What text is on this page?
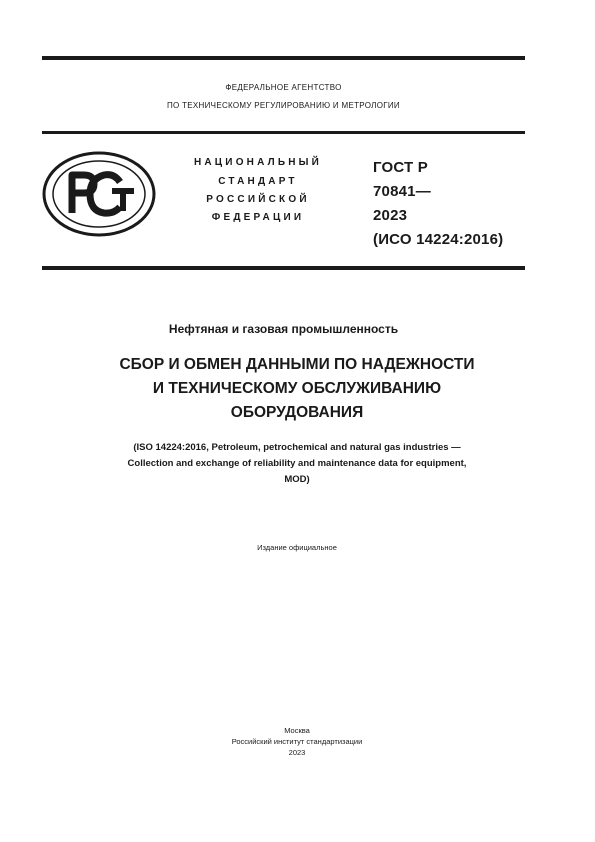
ФЕДЕРАЛЬНОЕ АГЕНТСТВО
ПО ТЕХНИЧЕСКОМУ РЕГУЛИРОВАНИЮ И МЕТРОЛОГИИ
НАЦИОНАЛЬНЫЙ
СТАНДАРТ
РОССИЙСКОЙ
ФЕДЕРАЦИИ
ГОСТ Р
70841—
2023
(ИСО 14224:2016)
Нефтяная и газовая промышленность
СБОР И ОБМЕН ДАННЫМИ ПО НАДЕЖНОСТИ
И ТЕХНИЧЕСКОМУ ОБСЛУЖИВАНИЮ
ОБОРУДОВАНИЯ
(ISO 14224:2016, Petroleum, petrochemical and natural gas industries —
Collection and exchange of reliability and maintenance data for equipment,
MOD)
Издание официальное
Москва
Российский институт стандартизации
2023
